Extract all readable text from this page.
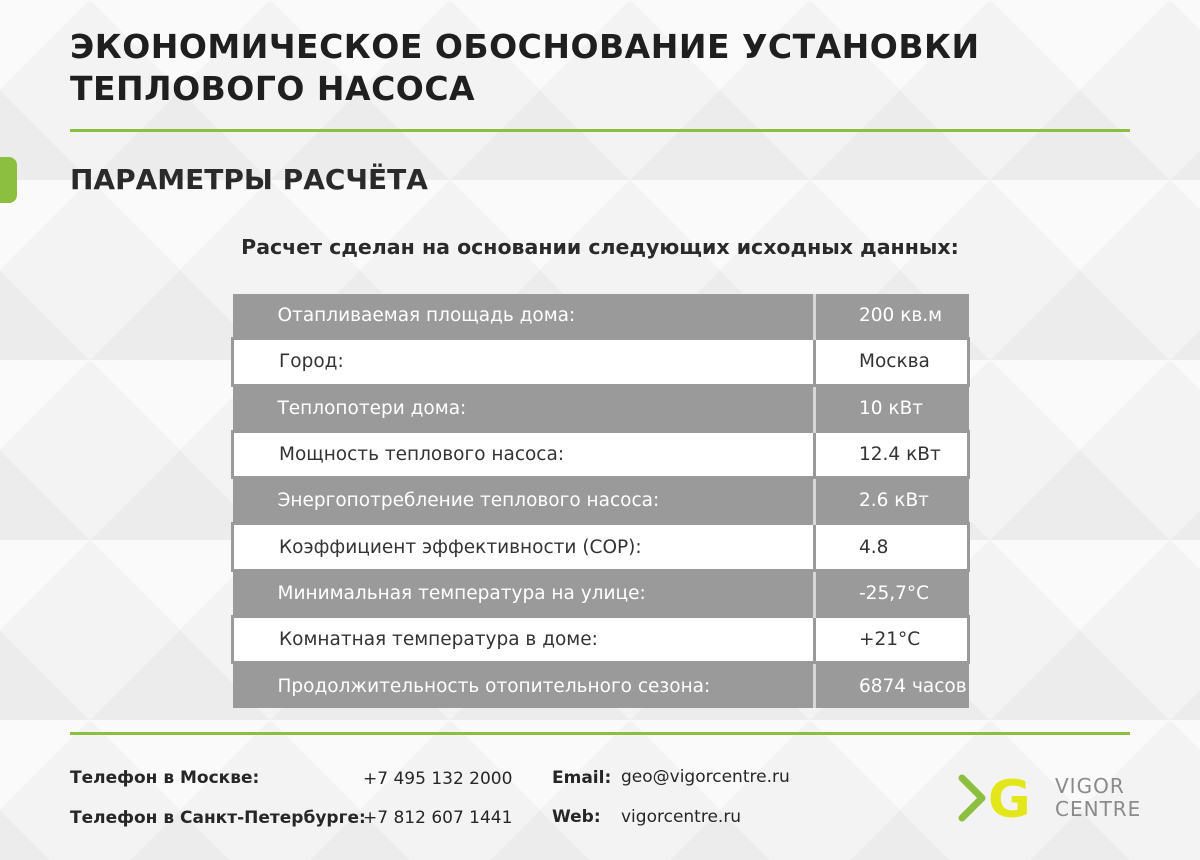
ЭКОНОМИЧЕСКОЕ ОБОСНОВАНИЕ УСТАНОВКИ
ТЕПЛОВОГО НАСОСА
ПАРАМЕТРЫ РАСЧЁТА
Расчет сделан на основании следующих исходных данных:
Отапливаемая площадь дома:	200 кв.м
Город:	Москва
Теплопотери дома:	10 кВт
Мощность теплового насоса:	12.4 кВт
Энергопотребление теплового насоса:	2.6 кВт
Коэффициент эффективности (COP):	4.8
Минимальная температура на улице:	-25,7°C
Комнатная температура в доме:	+21°C
Продолжительность отопительного сезона:	6874 часов
Телефон в Москве:	+7 495 132 2000
Телефон в Санкт-Петербурге:
+7 812 607 1441
Email: geo@vigorcentre.ru
Web: vigorcentre.ru	G VIGOR
CENTRE
